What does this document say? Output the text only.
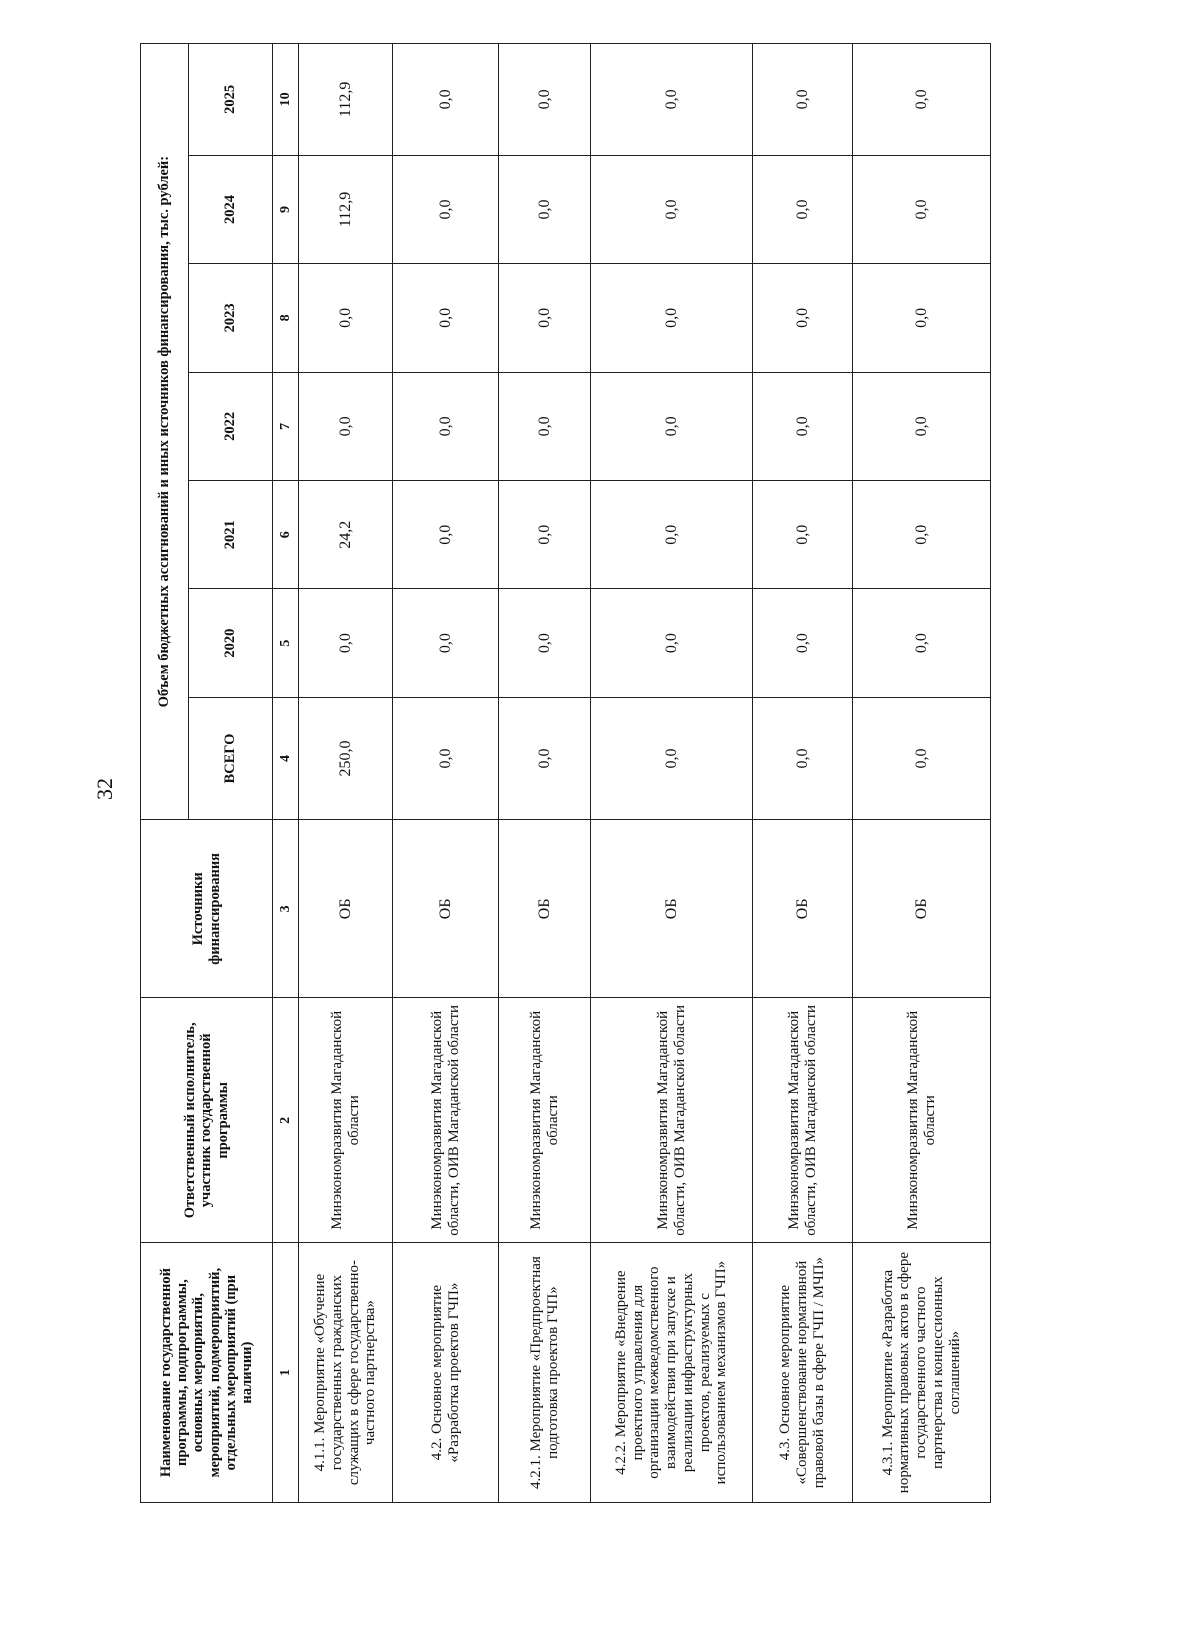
32
Наименование государственной программы, подпрограммы, основных мероприятий, мероприятий, подмероприятий, отдельных мероприятий (при наличии)	Ответственный исполнитель, участник государственной программы	Источники финансирования	Объем бюджетных ассигнований и иных источников финансирования, тыс. рублей:						
			ВСЕГО	2020	2021	2022	2023	2024	2025
1	2	3	4	5	6	7	8	9	10
4.1.1. Мероприятие «Обучение государственных гражданских служащих в сфере государственно-частного партнерства»	Минэкономразвития Магаданской области	ОБ	250,0	0,0	24,2	0,0	0,0	112,9	112,9
4.2. Основное мероприятие «Разработка проектов ГЧП»	Минэкономразвития Магаданской области, ОИВ Магаданской области	ОБ	0,0	0,0	0,0	0,0	0,0	0,0	0,0
4.2.1. Мероприятие «Предпроектная подготовка проектов ГЧП»	Минэкономразвития Магаданской области	ОБ	0,0	0,0	0,0	0,0	0,0	0,0	0,0
4.2.2. Мероприятие «Внедрение проектного управления для организации межведомственного взаимодействия при запуске и реализации инфраструктурных проектов, реализуемых с использованием механизмов ГЧП»	Минэкономразвития Магаданской области, ОИВ Магаданской области	ОБ	0,0	0,0	0,0	0,0	0,0	0,0	0,0
4.3. Основное мероприятие «Совершенствование нормативной правовой базы в сфере ГЧП / МЧП»	Минэкономразвития Магаданской области, ОИВ Магаданской области	ОБ	0,0	0,0	0,0	0,0	0,0	0,0	0,0
4.3.1. Мероприятие «Разработка нормативных правовых актов в сфере государственного частного партнерства и концессионных соглашений»	Минэкономразвития Магаданской области	ОБ	0,0	0,0	0,0	0,0	0,0	0,0	0,0
